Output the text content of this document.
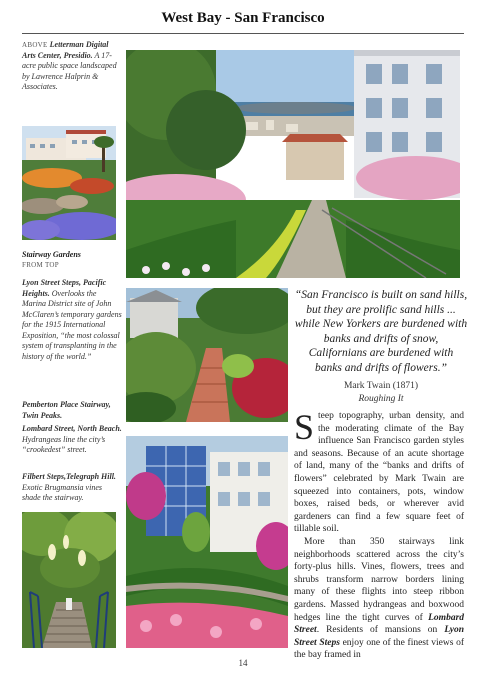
West Bay - San Francisco
ABOVE Letterman Digital Arts Center, Presidio. A 17-acre public space landscaped by Lawrence Halprin & Associates.
Stairway Gardens
FROM TOP
Lyon Street Steps, Pacific Heights. Overlooks the Marina District site of John McClaren’s temporary gardens for the 1915 International Exposition, “the most colossal system of transplanting in the history of the world.”
Pemberton Place Stairway, Twin Peaks.
Lombard Street, North Beach. Hydrangeas line the city’s “crookedest” street.
Filbert Steps,Telegraph Hill. Exotic Brugmansia vines shade the stairway.
“San Francisco is built on sand hills, but they are prolific sand hills ... while New Yorkers are burdened with banks and drifts of snow, Californians are burdened with banks and drifts of flowers.”
Mark Twain (1871)
Roughing It

Steep topography, urban density, and the moderating climate of the Bay influence San Francisco garden styles and seasons. Because of an acute shortage of land, many of the “banks and drifts of flowers” celebrated by Mark Twain are squeezed into containers, pots, window boxes, raised beds, or wherever avid gardeners can find a few square feet of tillable soil.

More than 350 stairways link neighborhoods scattered across the city’s forty-plus hills. Vines, flowers, trees and shrubs transform narrow borders lining many of these flights into steep ribbon gardens. Massed hydrangeas and boxwood hedges line the tight curves of Lombard Street. Residents of mansions on Lyon Street Steps enjoy one of the finest views of the bay framed in

14
